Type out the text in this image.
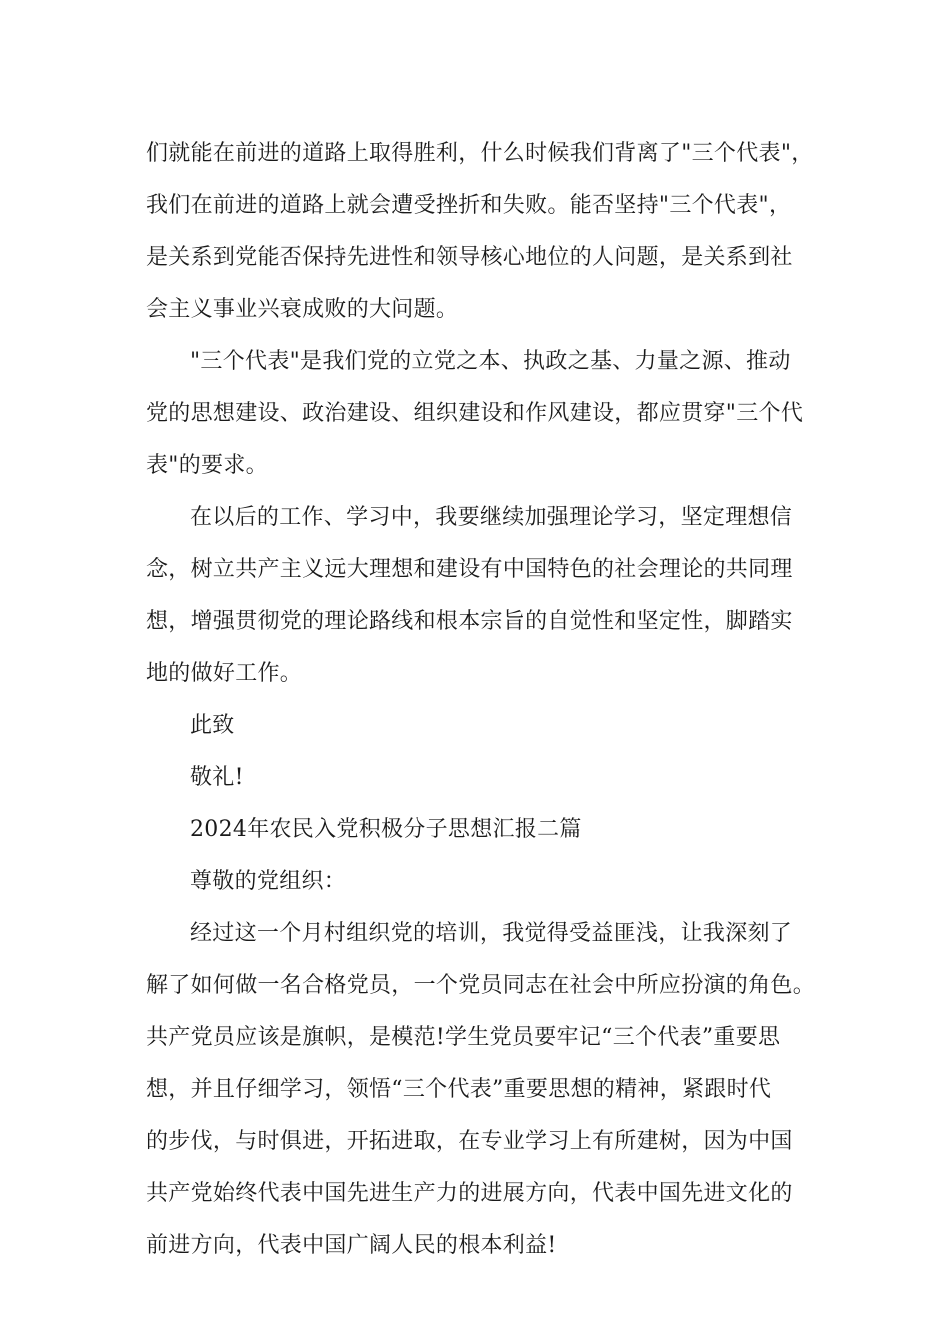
们就能在前进的道路上取得胜利，什么时候我们背离了"三个代表"，
我们在前进的道路上就会遭受挫折和失败。能否坚持"三个代表"，
是关系到党能否保持先进性和领导核心地位的人问题，是关系到社
会主义事业兴衰成败的大问题。
"三个代表"是我们党的立党之本、执政之基、力量之源、推动
党的思想建设、政治建设、组织建设和作风建设，都应贯穿"三个代
表"的要求。
在以后的工作、学习中，我要继续加强理论学习，坚定理想信
念，树立共产主义远大理想和建设有中国特色的社会理论的共同理
想，增强贯彻党的理论路线和根本宗旨的自觉性和坚定性，脚踏实
地的做好工作。
此致
敬礼!
2024年农民入党积极分子思想汇报二篇
尊敬的党组织：
经过这一个月村组织党的培训，我觉得受益匪浅，让我深刻了
解了如何做一名合格党员，一个党员同志在社会中所应扮演的角色。
共产党员应该是旗帜，是模范!学生党员要牢记“三个代表”重要思
想，并且仔细学习，领悟“三个代表”重要思想的精神，紧跟时代
的步伐，与时俱进，开拓进取，在专业学习上有所建树，因为中国
共产党始终代表中国先进生产力的进展方向，代表中国先进文化的
前进方向，代表中国广阔人民的根本利益!
